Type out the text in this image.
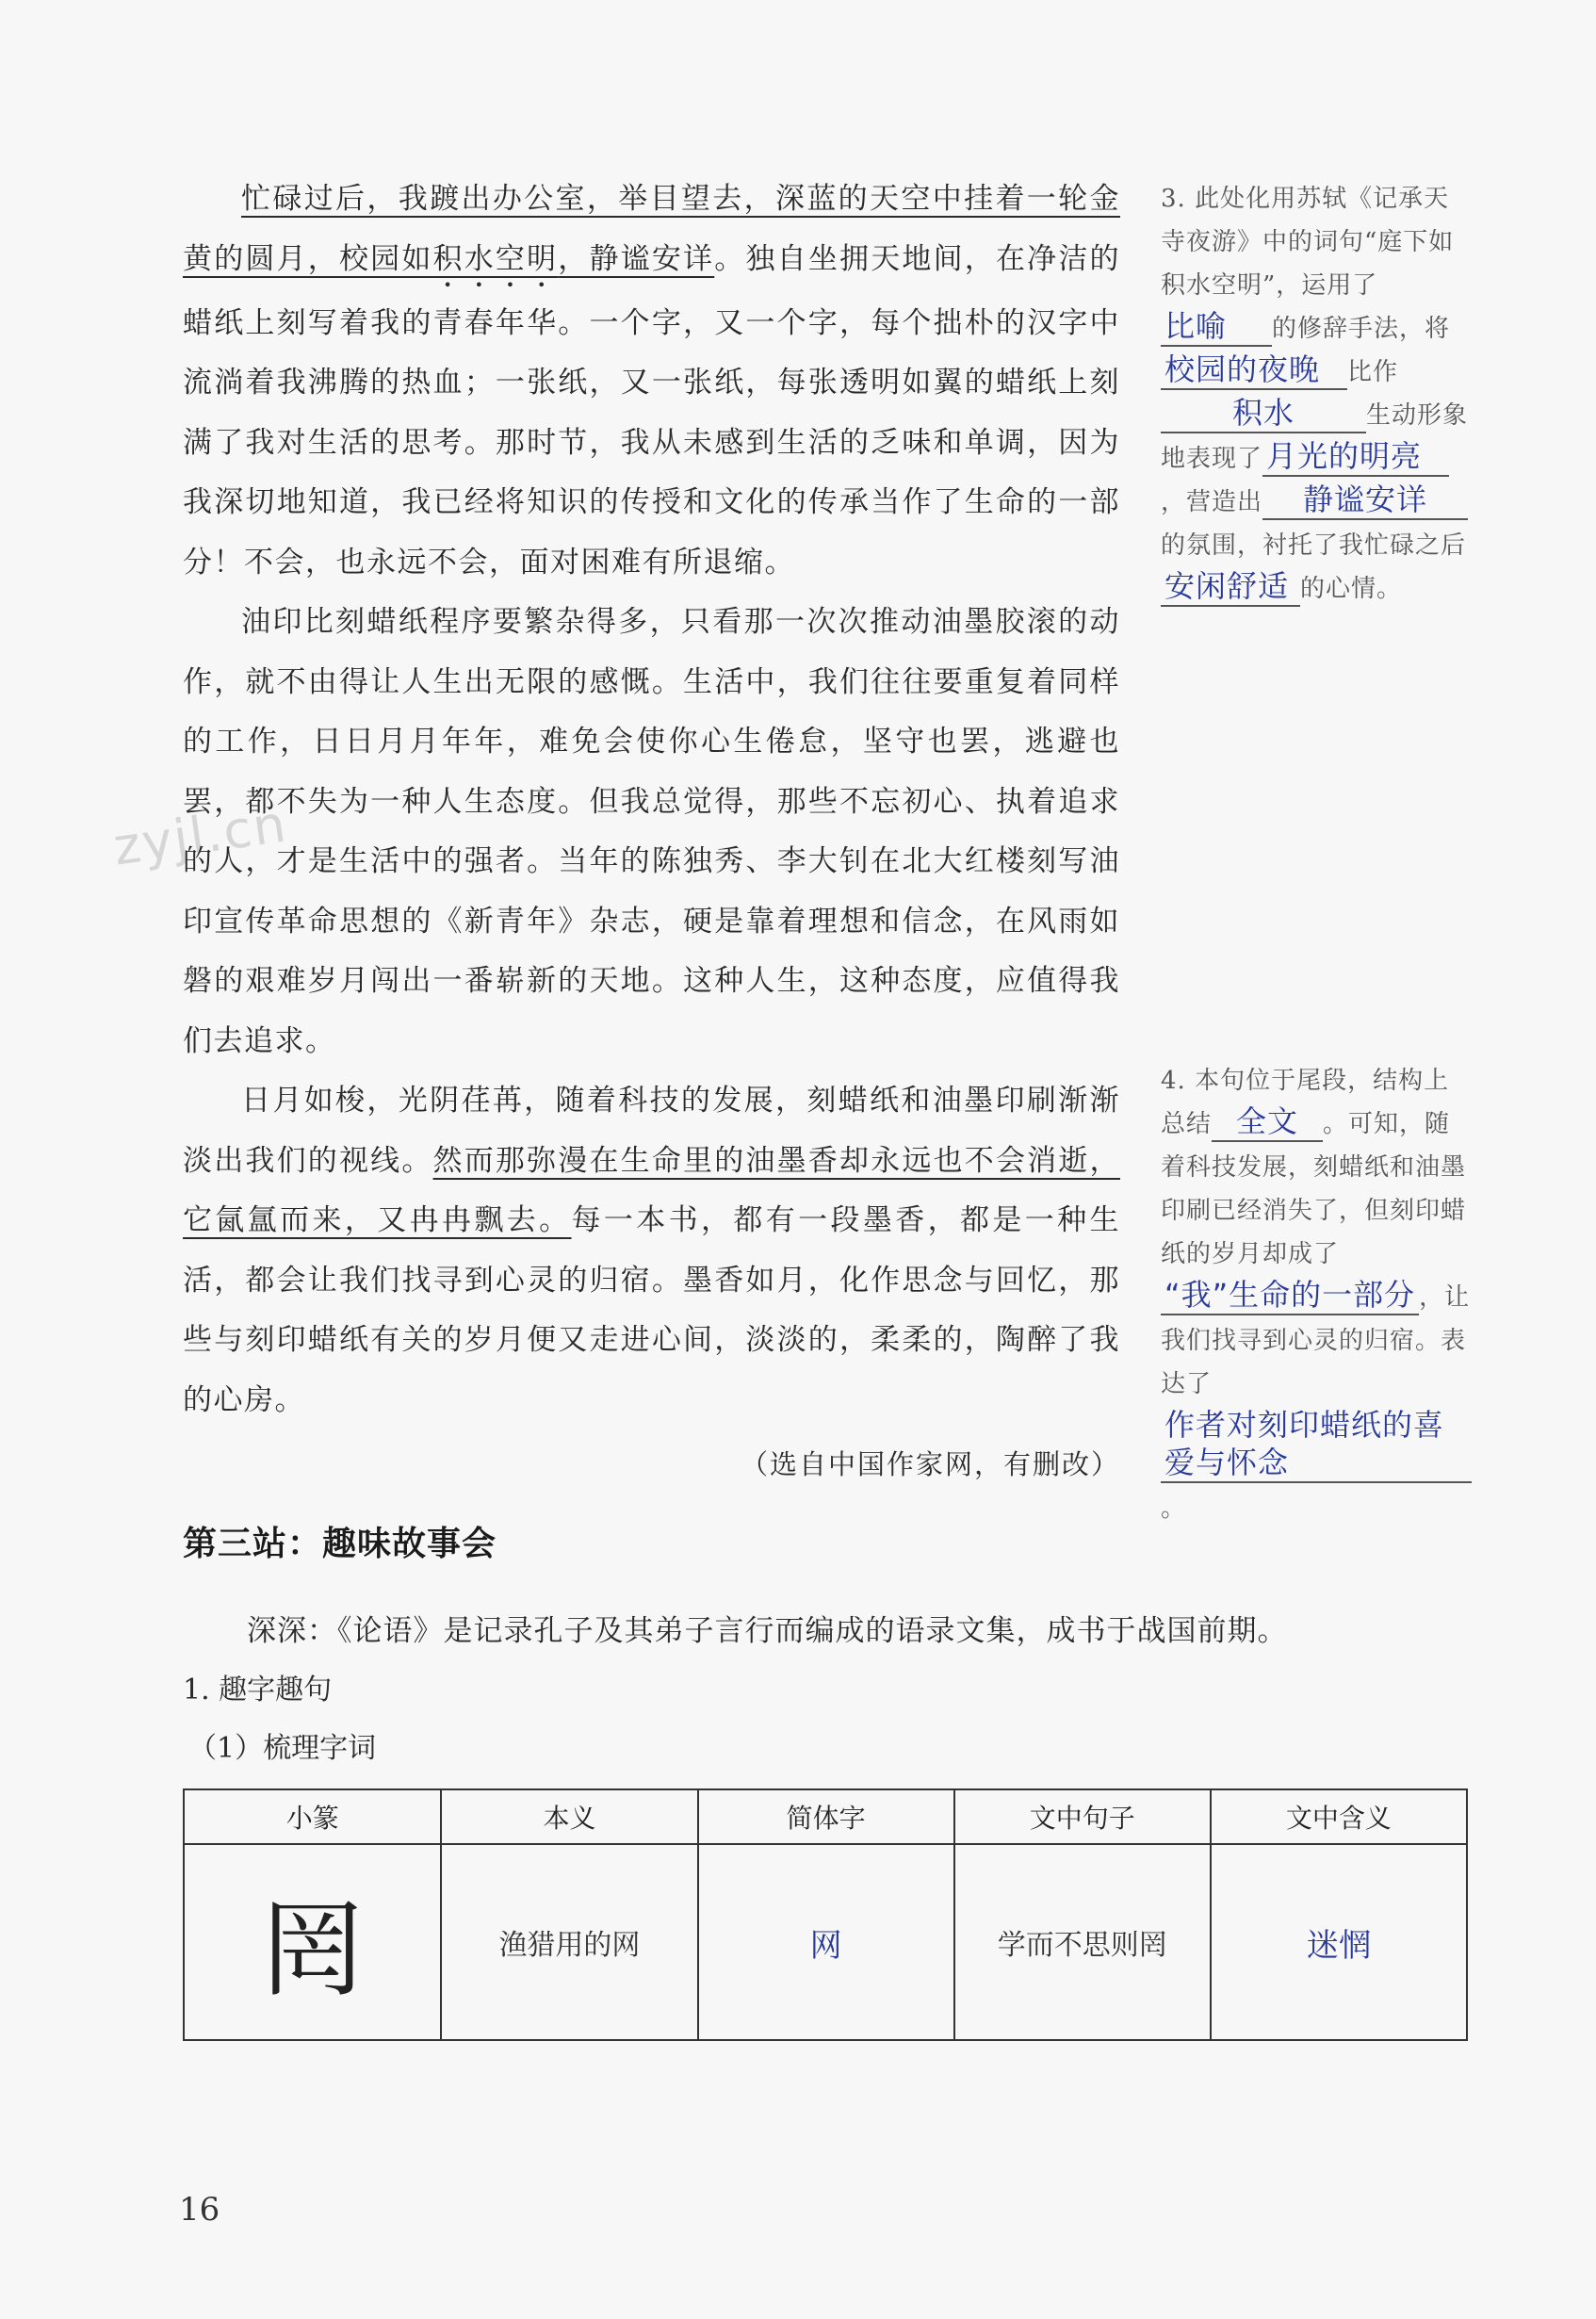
zyjl.cn

忙碌过后，我踱出办公室，举目望去，深蓝的天空中挂着一轮金黄的圆月，校园如积水空明，静谧安详。独自坐拥天地间，在净洁的蜡纸上刻写着我的青春年华。一个字，又一个字，每个拙朴的汉字中流淌着我沸腾的热血；一张纸，又一张纸，每张透明如翼的蜡纸上刻满了我对生活的思考。那时节，我从未感到生活的乏味和单调，因为我深切地知道，我已经将知识的传授和文化的传承当作了生命的一部分！不会，也永远不会，面对困难有所退缩。

油印比刻蜡纸程序要繁杂得多，只看那一次次推动油墨胶滚的动作，就不由得让人生出无限的感慨。生活中，我们往往要重复着同样的工作，日日月月年年，难免会使你心生倦怠，坚守也罢，逃避也罢，都不失为一种人生态度。但我总觉得，那些不忘初心、执着追求的人，才是生活中的强者。当年的陈独秀、李大钊在北大红楼刻写油印宣传革命思想的《新青年》杂志，硬是靠着理想和信念，在风雨如磐的艰难岁月闯出一番崭新的天地。这种人生，这种态度，应值得我们去追求。

日月如梭，光阴荏苒，随着科技的发展，刻蜡纸和油墨印刷渐渐淡出我们的视线。然而那弥漫在生命里的油墨香却永远也不会消逝，它氤氲而来，又冉冉飘去。每一本书，都有一段墨香，都是一种生活，都会让我们找寻到心灵的归宿。墨香如月，化作思念与回忆，那些与刻印蜡纸有关的岁月便又走进心间，淡淡的，柔柔的，陶醉了我的心房。

（选自中国作家网，有删改）
3. 此处化用苏轼《记承天寺夜游》中的词句“庭下如积水空明”，运用了比喻 的修辞手法，将校园的夜晚 比作积水	生动形象地表现了 月光的明亮，营造出 静谧安详的氛围，衬托了我忙碌之后安闲舒适 的心情。
4. 本句位于尾段，结构上总结 全文 。可知，随着科技发展，刻蜡纸和油墨印刷已经消失了，但刻印蜡纸的岁月却成了“我”生命的一部分 ，让我们找寻到心灵的归宿。表达了作者对刻印蜡纸的喜爱与怀念。
第三站：趣味故事会
深深：《论语》是记录孔子及其弟子言行而编成的语录文集，成书于战国前期。
1. 趣字趣句
（1）梳理字词
小篆	本义	简体字	文中句子	文中含义
罔	渔猎用的网	网	学而不思则罔	迷惘
16
